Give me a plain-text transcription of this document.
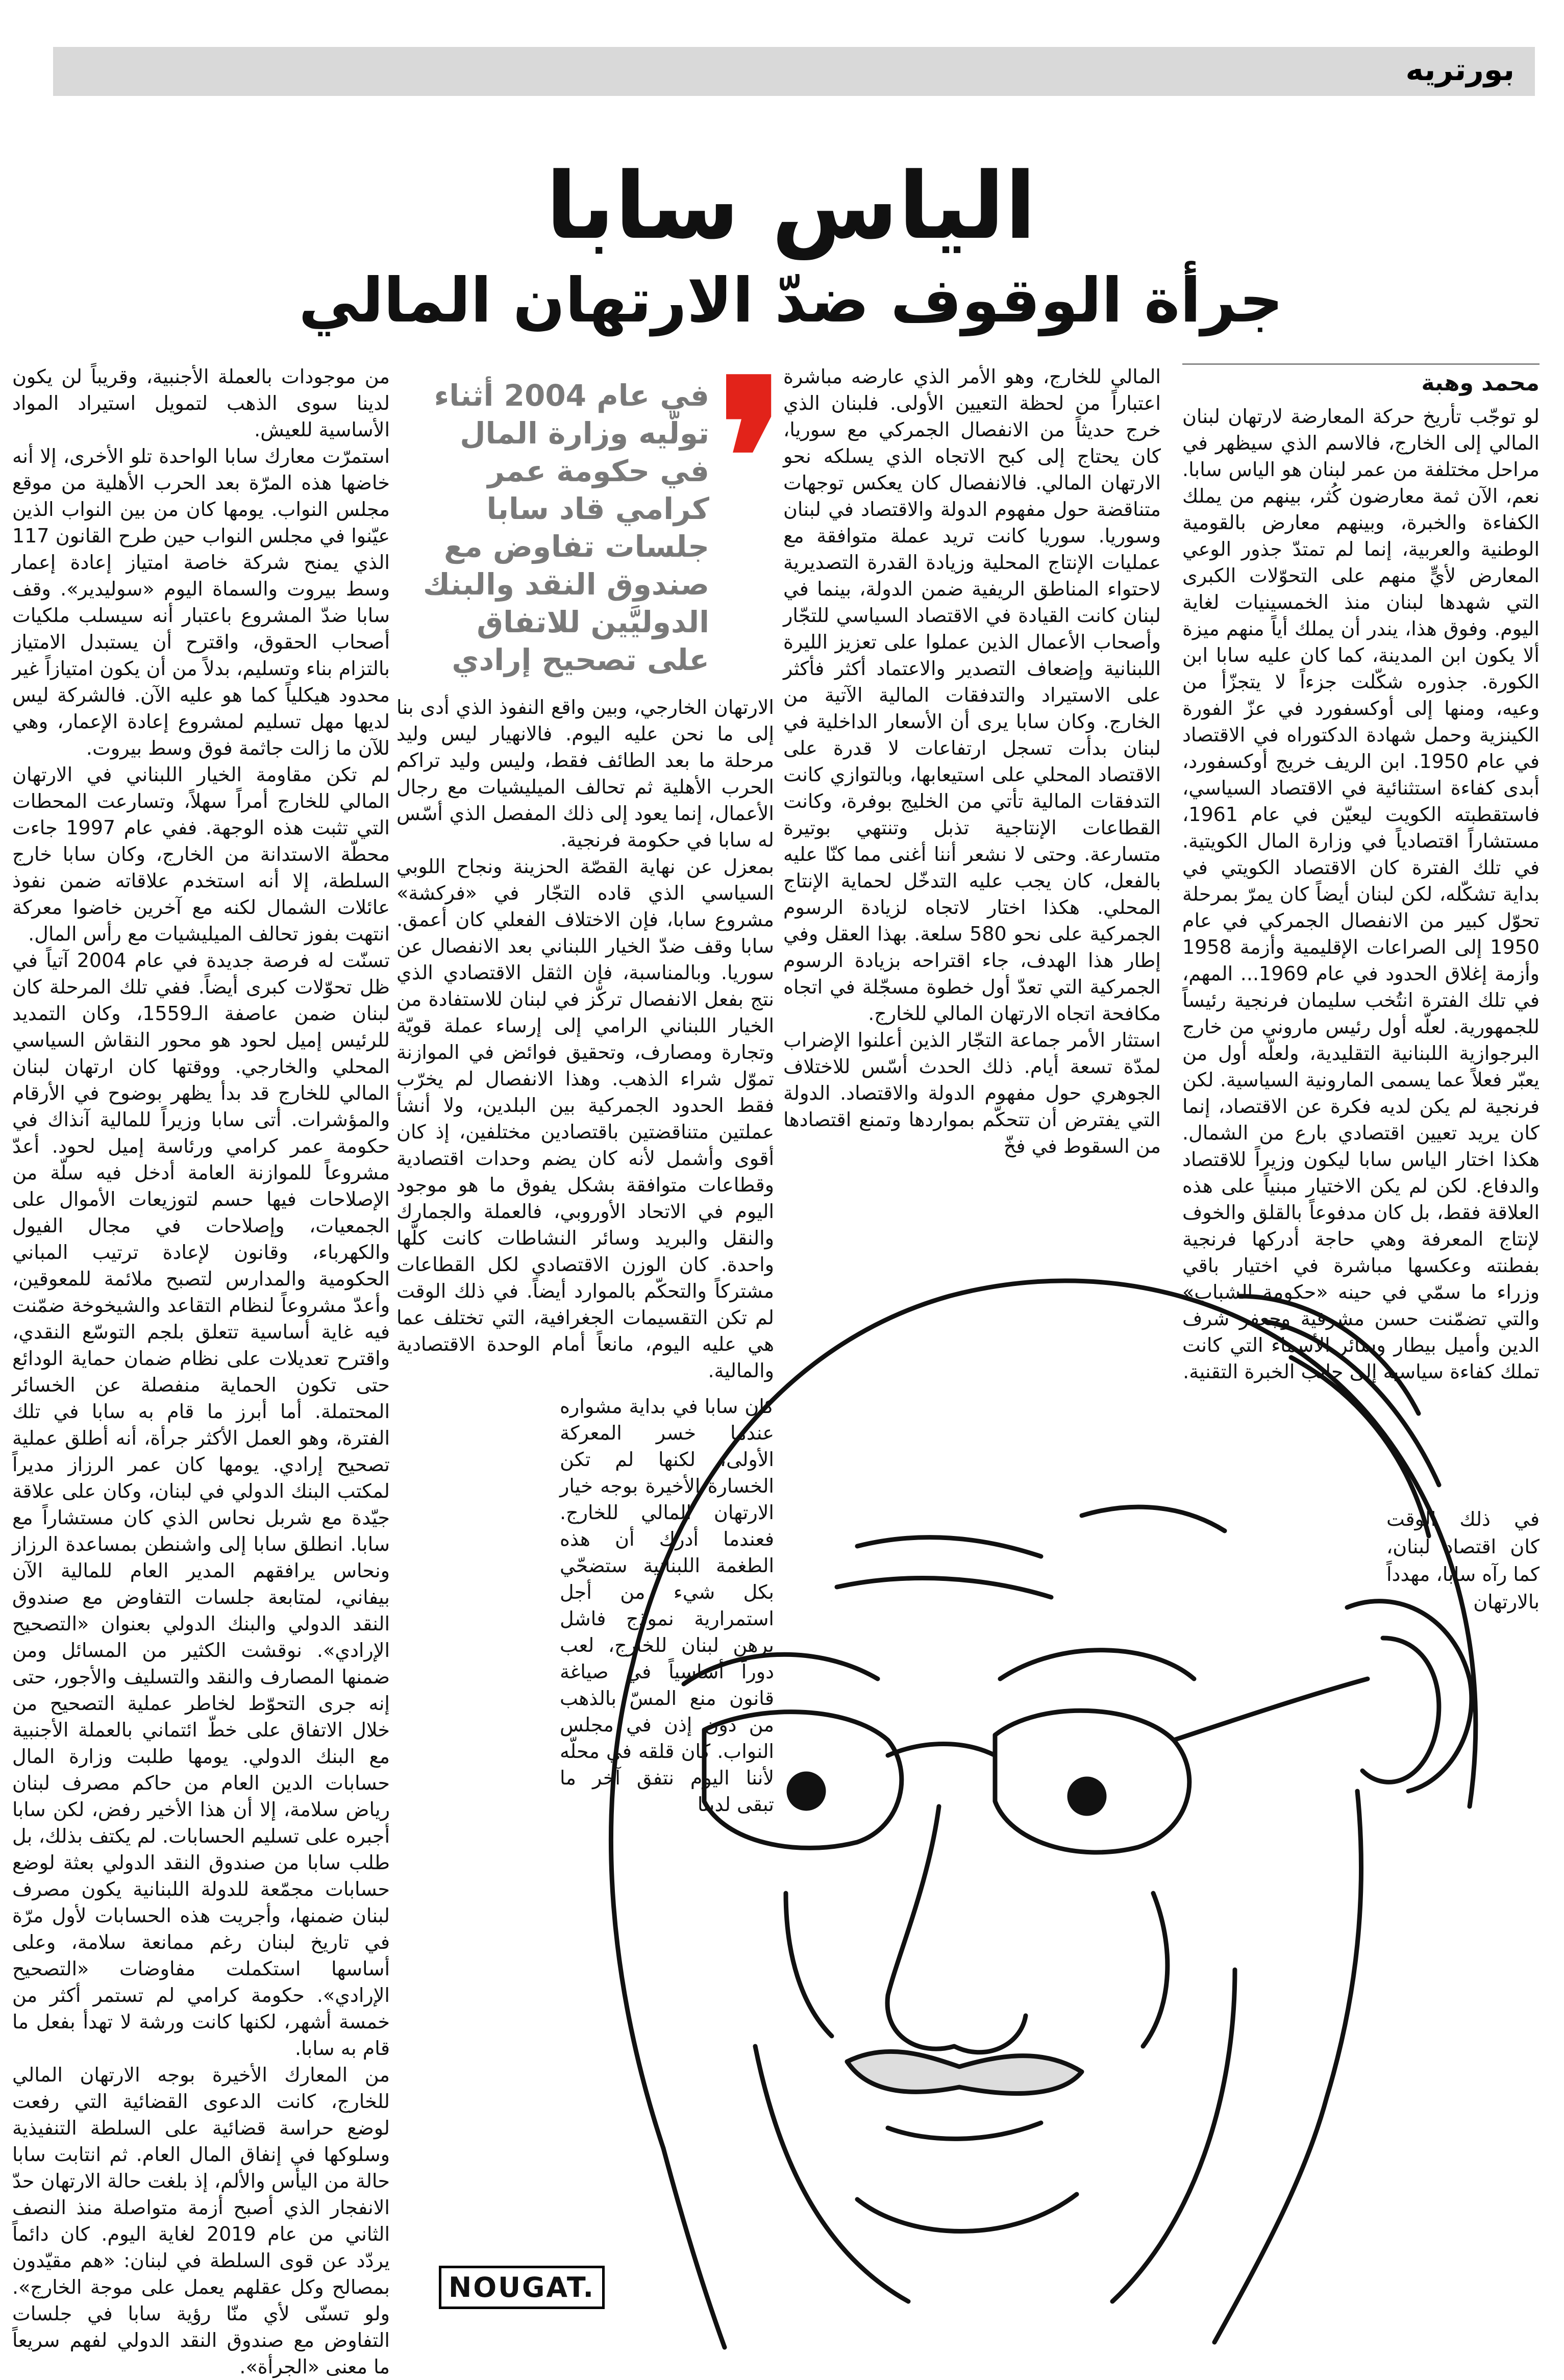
بورتريه
الياس سابا
جرأة الوقوف ضدّ الارتهان المالي
محمد وهبة

لو توجّب تأريخ حركة المعارضة لارتهان لبنان المالي إلى الخارج، فالاسم الذي سيظهر في مراحل مختلفة من عمر لبنان هو الياس سابا. نعم، الآن ثمة معارضون كُثر، بينهم من يملك الكفاءة والخبرة، وبينهم معارض بالقومية الوطنية والعربية، إنما لم تمتدّ جذور الوعي المعارض لأيٍّ منهم على التحوّلات الكبرى التي شهدها لبنان منذ الخمسينيات لغاية اليوم. وفوق هذا، يندر أن يملك أياً منهم ميزة ألا يكون ابن المدينة، كما كان عليه سابا ابن الكورة. جذوره شكّلت جزءاً لا يتجزّأ من وعيه، ومنها إلى أوكسفورد في عزّ الفورة الكينزية وحمل شهادة الدكتوراه في الاقتصاد في عام 1950. ابن الريف خريج أوكسفورد، أبدى كفاءة استثنائية في الاقتصاد السياسي، فاستقطبته الكويت ليعيّن في عام 1961، مستشاراً اقتصادياً في وزارة المال الكويتية. في تلك الفترة كان الاقتصاد الكويتي في بداية تشكّله، لكن لبنان أيضاً كان يمرّ بمرحلة تحوّل كبير من الانفصال الجمركي في عام 1950 إلى الصراعات الإقليمية وأزمة 1958 وأزمة إغلاق الحدود في عام 1969... المهم، في تلك الفترة انتُخب سليمان فرنجية رئيساً للجمهورية. لعلّه أول رئيس ماروني من خارج البرجوازية اللبنانية التقليدية، ولعلّه أول من يعبّر فعلاً عما يسمى المارونية السياسية. لكن فرنجية لم يكن لديه فكرة عن الاقتصاد، إنما كان يريد تعيين اقتصادي بارع من الشمال. هكذا اختار الياس سابا ليكون وزيراً للاقتصاد والدفاع. لكن لم يكن الاختيار مبنياً على هذه العلاقة فقط، بل كان مدفوعاً بالقلق والخوف لإنتاج المعرفة وهي حاجة أدركها فرنجية بفطنته وعكسها مباشرة في اختيار باقي وزراء ما سمّي في حينه «حكومة الشباب» والتي تضمّنت حسن مشرفية وجعفر شرف الدين وأميل بيطار وسائر الأسماء التي كانت تملك كفاءة سياسية إلى جانب الخبرة التقنية.

في ذلك الوقت كان اقتصاد لبنان، كما رآه سابا، مهدداً بالارتهان

المالي للخارج، وهو الأمر الذي عارضه مباشرة اعتباراً من لحظة التعيين الأولى. فلبنان الذي خرج حديثاً من الانفصال الجمركي مع سوريا، كان يحتاج إلى كبح الاتجاه الذي يسلكه نحو الارتهان المالي. فالانفصال كان يعكس توجهات متناقضة حول مفهوم الدولة والاقتصاد في لبنان وسوريا. سوريا كانت تريد عملة متوافقة مع عمليات الإنتاج المحلية وزيادة القدرة التصديرية لاحتواء المناطق الريفية ضمن الدولة، بينما في لبنان كانت القيادة في الاقتصاد السياسي للتجّار وأصحاب الأعمال الذين عملوا على تعزيز الليرة اللبنانية وإضعاف التصدير والاعتماد أكثر فأكثر على الاستيراد والتدفقات المالية الآتية من الخارج. وكان سابا يرى أن الأسعار الداخلية في لبنان بدأت تسجل ارتفاعات لا قدرة على الاقتصاد المحلي على استيعابها، وبالتوازي كانت التدفقات المالية تأتي من الخليج بوفرة، وكانت القطاعات الإنتاجية تذبل وتنتهي بوتيرة متسارعة. وحتى لا نشعر أننا أغنى مما كنّا عليه بالفعل، كان يجب عليه التدخّل لحماية الإنتاج المحلي. هكذا اختار لاتجاه لزيادة الرسوم الجمركية على نحو 580 سلعة. بهذا العقل وفي إطار هذا الهدف، جاء اقتراحه بزيادة الرسوم الجمركية التي تعدّ أول خطوة مسجّلة في اتجاه مكافحة اتجاه الارتهان المالي للخارج.

استثار الأمر جماعة التجّار الذين أعلنوا الإضراب لمدّة تسعة أيام. ذلك الحدث أسّس للاختلاف الجوهري حول مفهوم الدولة والاقتصاد. الدولة التي يفترض أن تتحكّم بمواردها وتمنع اقتصادها من السقوط في فخّ

الارتهان الخارجي، وبين واقع النفوذ الذي أدى بنا إلى ما نحن عليه اليوم. فالانهيار ليس وليد مرحلة ما بعد الطائف فقط، وليس وليد تراكم الحرب الأهلية ثم تحالف الميليشيات مع رجال الأعمال، إنما يعود إلى ذلك المفصل الذي أسّس له سابا في حكومة فرنجية.

بمعزل عن نهاية القصّة الحزينة ونجاح اللوبي السياسي الذي قاده التجّار في «فركشة» مشروع سابا، فإن الاختلاف الفعلي كان أعمق. سابا وقف ضدّ الخيار اللبناني بعد الانفصال عن سوريا. وبالمناسبة، فإن الثقل الاقتصادي الذي نتج بفعل الانفصال تركّز في لبنان للاستفادة من الخيار اللبناني الرامي إلى إرساء عملة قويّة وتجارة ومصارف، وتحقيق فوائض في الموازنة تموّل شراء الذهب. وهذا الانفصال لم يخرّب فقط الحدود الجمركية بين البلدين، ولا أنشأ عملتين متناقضتين باقتصادين مختلفين، إذ كان أقوى وأشمل لأنه كان يضم وحدات اقتصادية وقطاعات متوافقة بشكل يفوق ما هو موجود اليوم في الاتحاد الأوروبي، فالعملة والجمارك والنقل والبريد وسائر النشاطات كانت كلّها واحدة. كان الوزن الاقتصادي لكل القطاعات مشتركاً والتحكّم بالموارد أيضاً. في ذلك الوقت لم تكن التقسيمات الجغرافية، التي تختلف عما هي عليه اليوم، مانعاً أمام الوحدة الاقتصادية والمالية.

كان سابا في بداية مشواره عندما خسر المعركة الأولى، لكنها لم تكن الخسارة الأخيرة بوجه خيار الارتهان المالي للخارج. فعندما أدرك أن هذه الطغمة اللبنانية ستضحّي بكل شيء من أجل استمرارية نموذج فاشل يرهن لبنان للخارج، لعب دوراً أساسياً في صياغة قانون منع المسّ بالذهب من دون إذن في مجلس النواب. كان قلقه في محلّه لأننا اليوم نتفق آخر ما تبقى لدينا

من موجودات بالعملة الأجنبية، وقريباً لن يكون لدينا سوى الذهب لتمويل استيراد المواد الأساسية للعيش.

استمرّت معارك سابا الواحدة تلو الأخرى، إلا أنه خاضها هذه المرّة بعد الحرب الأهلية من موقع مجلس النواب. يومها كان من بين النواب الذين عيّنوا في مجلس النواب حين طرح القانون 117 الذي يمنح شركة خاصة امتياز إعادة إعمار وسط بيروت والسماة اليوم «سوليدير». وقف سابا ضدّ المشروع باعتبار أنه سيسلب ملكيات أصحاب الحقوق، واقترح أن يستبدل الامتياز بالتزام بناء وتسليم، بدلاً من أن يكون امتيازاً غير محدود هيكلياً كما هو عليه الآن. فالشركة ليس لديها مهل تسليم لمشروع إعادة الإعمار، وهي للآن ما زالت جاثمة فوق وسط بيروت.

لم تكن مقاومة الخيار اللبناني في الارتهان المالي للخارج أمراً سهلاً، وتسارعت المحطات التي تثبت هذه الوجهة. ففي عام 1997 جاءت محطّة الاستدانة من الخارج، وكان سابا خارج السلطة، إلا أنه استخدم علاقاته ضمن نفوذ عائلات الشمال لكنه مع آخرين خاضوا معركة انتهت بفوز تحالف الميليشيات مع رأس المال.

تسنّت له فرصة جديدة في عام 2004 آتياً في ظل تحوّلات كبرى أيضاً. ففي تلك المرحلة كان لبنان ضمن عاصفة الـ1559، وكان التمديد للرئيس إميل لحود هو محور النقاش السياسي المحلي والخارجي. ووقتها كان ارتهان لبنان المالي للخارج قد بدأ يظهر بوضوح في الأرقام والمؤشرات. أتى سابا وزيراً للمالية آنذاك في حكومة عمر كرامي ورئاسة إميل لحود. أعدّ مشروعاً للموازنة العامة أدخل فيه سلّة من الإصلاحات فيها حسم لتوزيعات الأموال على الجمعيات، وإصلاحات في مجال الفيول والكهرباء، وقانون لإعادة ترتيب المباني الحكومية والمدارس لتصبح ملائمة للمعوقين، وأعدّ مشروعاً لنظام التقاعد والشيخوخة ضمّنت فيه غاية أساسية تتعلق بلجم التوسّع النقدي، واقترح تعديلات على نظام ضمان حماية الودائع حتى تكون الحماية منفصلة عن الخسائر المحتملة. أما أبرز ما قام به سابا في تلك الفترة، وهو العمل الأكثر جرأة، أنه أطلق عملية تصحيح إرادي. يومها كان عمر الرزاز مديراً لمكتب البنك الدولي في لبنان، وكان على علاقة جيّدة مع شربل نحاس الذي كان مستشاراً مع سابا. انطلق سابا إلى واشنطن بمساعدة الرزاز ونحاس يرافقهم المدير العام للمالية الآن بيفاني، لمتابعة جلسات التفاوض مع صندوق النقد الدولي والبنك الدولي بعنوان «التصحيح الإرادي». نوقشت الكثير من المسائل ومن ضمنها المصارف والنقد والتسليف والأجور، حتى إنه جرى التحوّط لخاطر عملية التصحيح من خلال الاتفاق على خطّ ائتماني بالعملة الأجنبية مع البنك الدولي. يومها طلبت وزارة المال حسابات الدين العام من حاكم مصرف لبنان رياض سلامة، إلا أن هذا الأخير رفض، لكن سابا أجبره على تسليم الحسابات. لم يكتف بذلك، بل طلب سابا من صندوق النقد الدولي بعثة لوضع حسابات مجمّعة للدولة اللبنانية يكون مصرف لبنان ضمنها، وأجريت هذه الحسابات لأول مرّة في تاريخ لبنان رغم ممانعة سلامة، وعلى أساسها استكملت مفاوضات «التصحيح الإرادي». حكومة كرامي لم تستمر أكثر من خمسة أشهر، لكنها كانت ورشة لا تهدأ بفعل ما قام به سابا.

من المعارك الأخيرة بوجه الارتهان المالي للخارج، كانت الدعوى القضائية التي رفعت لوضع حراسة قضائية على السلطة التنفيذية وسلوكها في إنفاق المال العام. ثم انتابت سابا حالة من اليأس والألم، إذ بلغت حالة الارتهان حدّ الانفجار الذي أصبح أزمة متواصلة منذ النصف الثاني من عام 2019 لغاية اليوم. كان دائماً يردّد عن قوى السلطة في لبنان: «هم مقيّدون بمصالح وكل عقلهم يعمل على موجة الخارج». ولو تسنّى لأي منّا رؤية سابا في جلسات التفاوض مع صندوق النقد الدولي لفهم سريعاً ما معنى «الجرأة».

❜
في عام 2004 أثناء تولّيه وزارة المال في حكومة عمر كرامي قاد سابا جلسات تفاوض مع صندوق النقد والبنك الدوليَّين للاتفاق على تصحيح إرادي
NOUGAT.
